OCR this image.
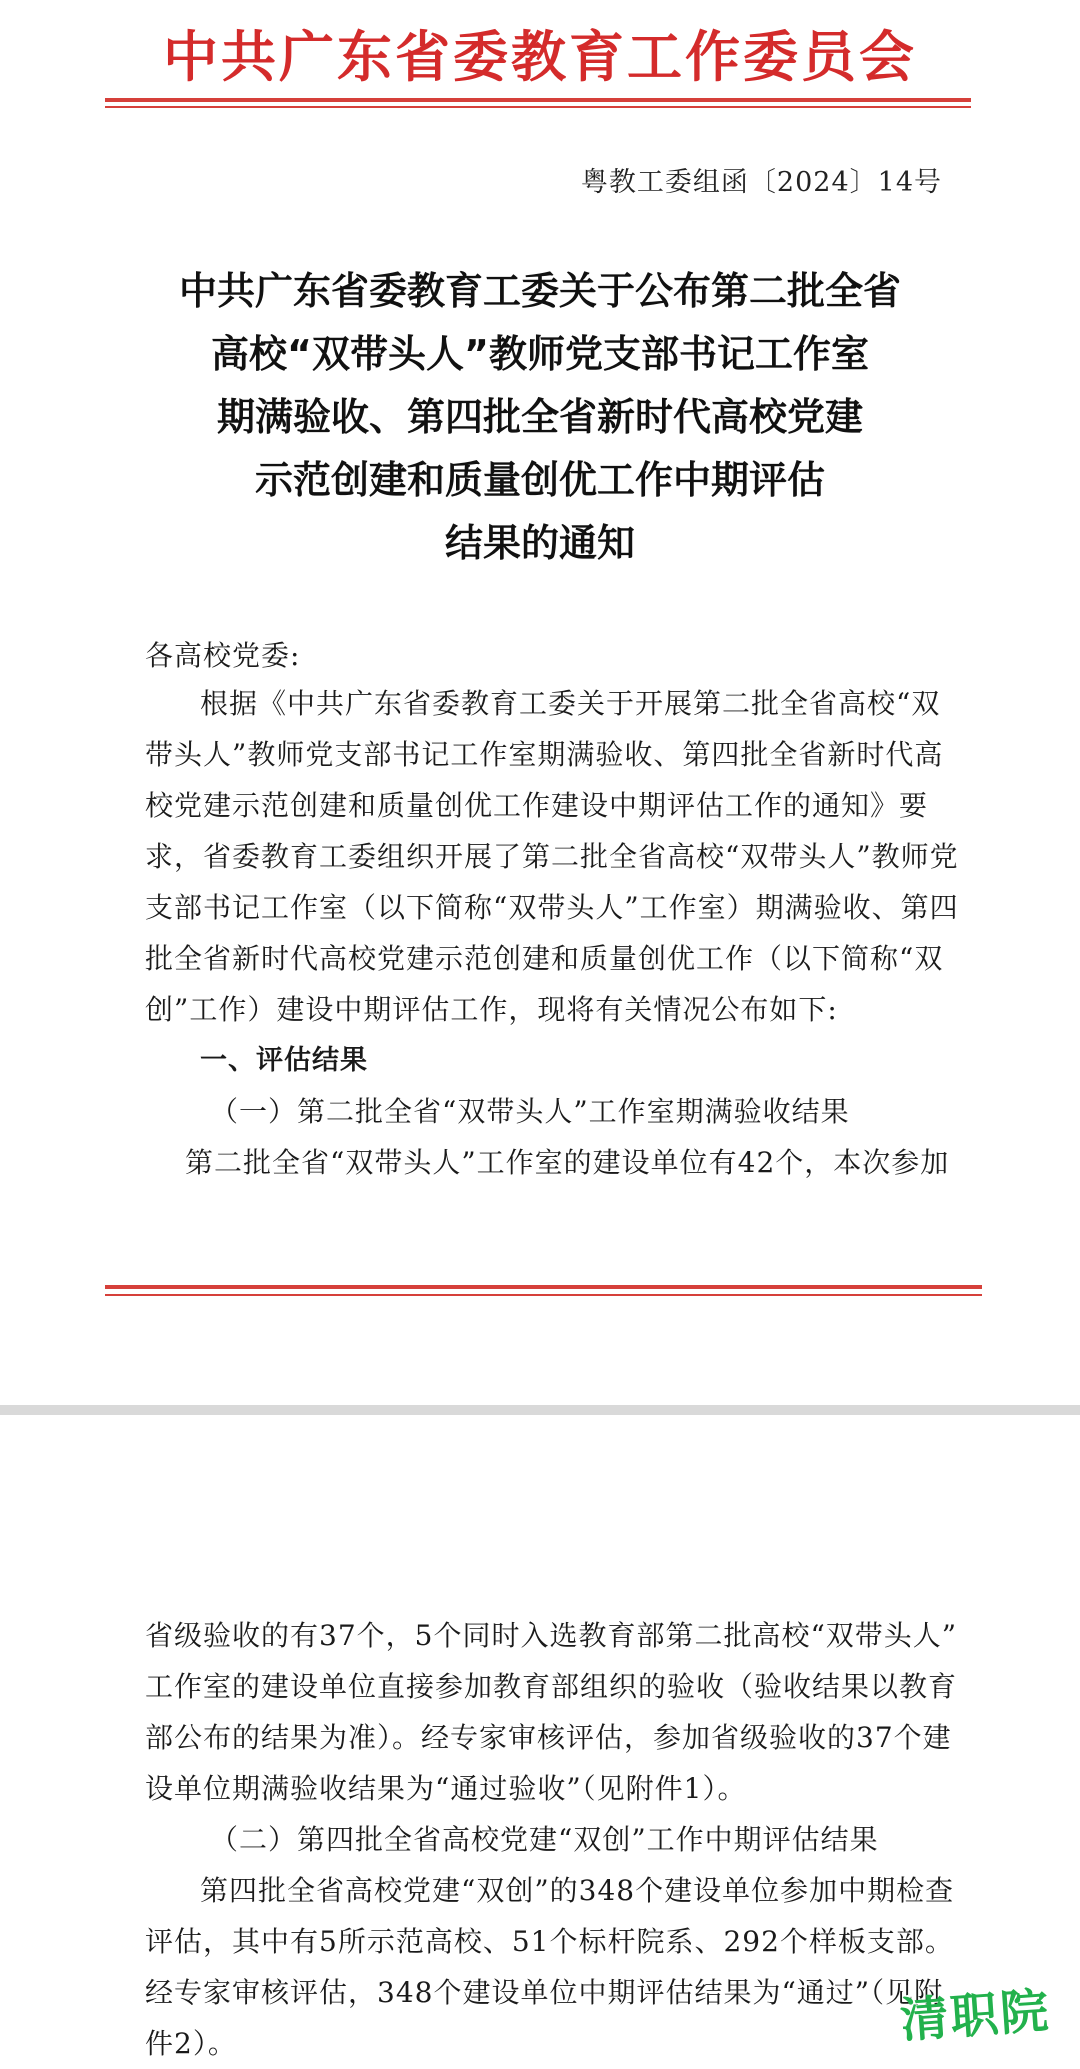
中共广东省委教育工作委员会
粤教工委组函〔2024〕14号
中共广东省委教育工委关于公布第二批全省
高校“双带头人”教师党支部书记工作室
期满验收、第四批全省新时代高校党建
示范创建和质量创优工作中期评估
结果的通知
各高校党委:
根据《中共广东省委教育工委关于开展第二批全省高校“双
带头人”教师党支部书记工作室期满验收、第四批全省新时代高
校党建示范创建和质量创优工作建设中期评估工作的通知》要
求，省委教育工委组织开展了第二批全省高校“双带头人”教师党
支部书记工作室（以下简称“双带头人”工作室）期满验收、第四
批全省新时代高校党建示范创建和质量创优工作（以下简称“双
创”工作）建设中期评估工作，现将有关情况公布如下:
一、评估结果
（一）第二批全省“双带头人”工作室期满验收结果
第二批全省“双带头人”工作室的建设单位有42个，本次参加
省级验收的有37个，5个同时入选教育部第二批高校“双带头人”
工作室的建设单位直接参加教育部组织的验收（验收结果以教育
部公布的结果为准）。经专家审核评估，参加省级验收的37个建
设单位期满验收结果为“通过验收”（见附件1）。
（二）第四批全省高校党建“双创”工作中期评估结果
第四批全省高校党建“双创”的348个建设单位参加中期检查
评估，其中有5所示范高校、51个标杆院系、292个样板支部。
经专家审核评估，348个建设单位中期评估结果为“通过”（见附
件2）。	清职院
